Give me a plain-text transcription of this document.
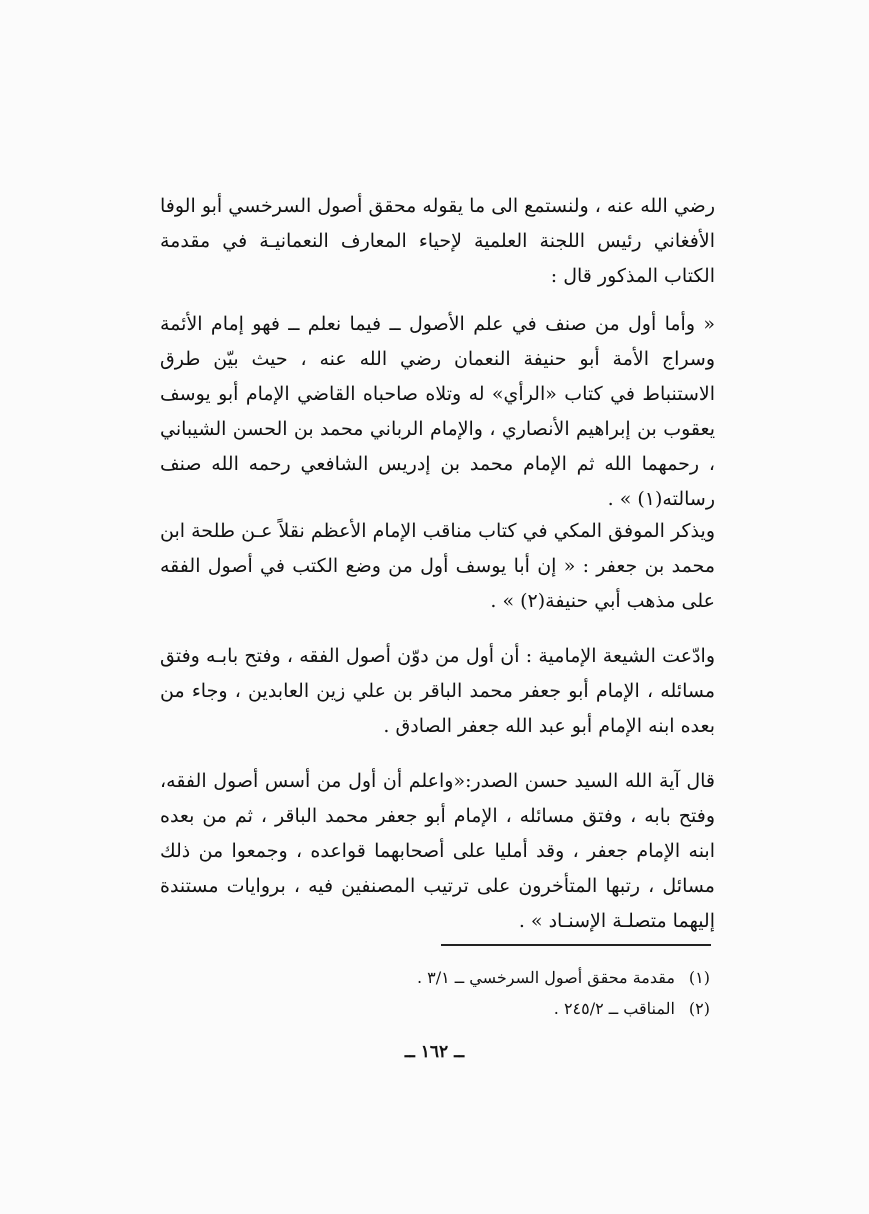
رضي الله عنه ، ولنستمع الى ما يقوله محقق أصول السرخسي أبو الوفا الأفغاني رئيس اللجنة العلمية لإحياء المعارف النعمانيـة في مقدمة الكتاب المذكور قال :

« وأما أول من صنف في علم الأصول ــ فيما نعلم ــ فهو إمام الأئمة وسراج الأمة أبو حنيفة النعمان رضي الله عنه ، حيث بيّن طرق الاستنباط في كتاب «الرأي» له وتلاه صاحباه القاضي الإمام أبو يوسف يعقوب بن إبراهيم الأنصاري ، والإمام الرباني محمد بن الحسن الشيباني ، رحمهما الله ثم الإمام محمد بن إدريس الشافعي رحمه الله صنف رسالته(١) » .

ويذكر الموفق المكي في كتاب مناقب الإمام الأعظم نقلاً عـن طلحة ابن محمد بن جعفر : « إن أبا يوسف أول من وضع الكتب في أصول الفقه على مذهب أبي حنيفة(٢) » .

وادّعت الشيعة الإمامية : أن أول من دوّن أصول الفقه ، وفتح بابـه وفتق مسائله ، الإمام أبو جعفر محمد الباقر بن علي زين العابدين ، وجاء من بعده ابنه الإمام أبو عبد الله جعفر الصادق .

قال آية الله السيد حسن الصدر:«واعلم أن أول من أسس أصول الفقه، وفتح بابه ، وفتق مسائله ، الإمام أبو جعفر محمد الباقر ، ثم من بعده ابنه الإمام جعفر ، وقد أمليا على أصحابهما قواعده ، وجمعوا من ذلك مسائل ، رتبها المتأخرون على ترتيب المصنفين فيه ، بروايات مستندة إليهما متصلـة الإسنـاد » .

(١)مقدمة محقق أصول السرخسي ــ ٣/١ .
(٢)المناقب ــ ٢٤٥/٢ .
ــ ١٦٢ ــ
